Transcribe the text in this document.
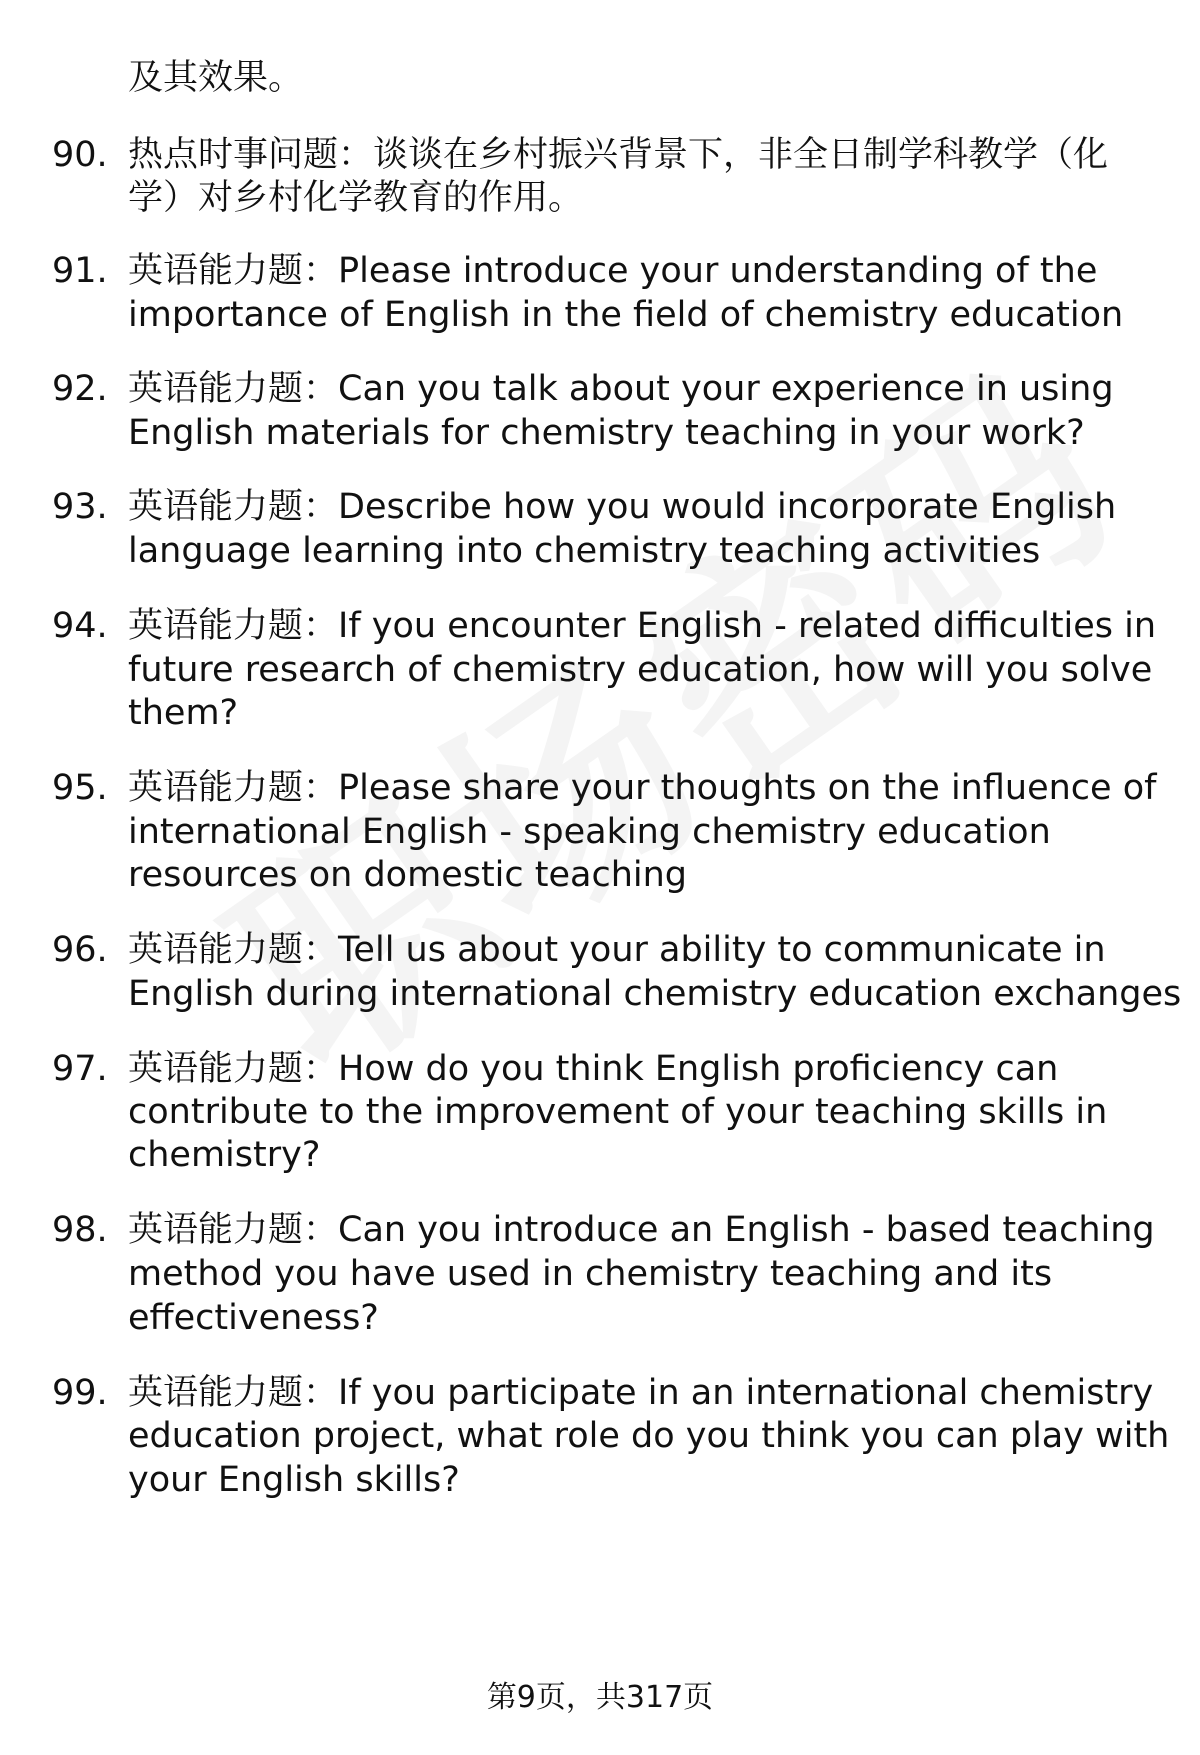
及其效果。
90. 热点时事问题：谈谈在乡村振兴背景下，非全日制学科教学（化
学）对乡村化学教育的作用。
91. 英语能力题：Please introduce your understanding of the
importance of English in the field of chemistry education
92. 英语能力题：Can you talk about your experience in using
English materials for chemistry teaching in your work?
93. 英语能力题：Describe how you would incorporate English
language learning into chemistry teaching activities
94. 英语能力题：If you encounter English - related difficulties in
future research of chemistry education, how will you solve
them?
95. 英语能力题：Please share your thoughts on the influence of
international English - speaking chemistry education
resources on domestic teaching
96. 英语能力题：Tell us about your ability to communicate in
English during international chemistry education exchanges
97. 英语能力题：How do you think English proficiency can
contribute to the improvement of your teaching skills in
chemistry?
98. 英语能力题：Can you introduce an English - based teaching
method you have used in chemistry teaching and its
effectiveness?
99. 英语能力题：If you participate in an international chemistry
education project, what role do you think you can play with
your English skills?
第9页，共317页
